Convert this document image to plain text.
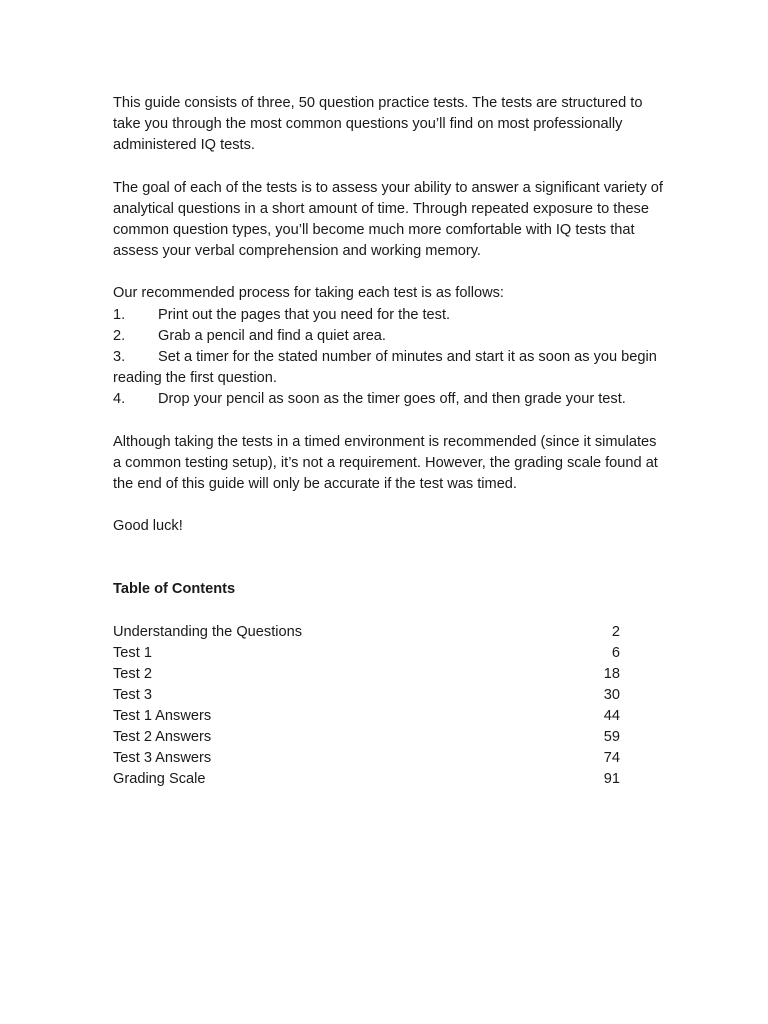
This guide consists of three, 50 question practice tests. The tests are structured to take you through the most common questions you’ll find on most professionally administered IQ tests.

The goal of each of the tests is to assess your ability to answer a significant variety of analytical questions in a short amount of time. Through repeated exposure to these common question types, you’ll become much more comfortable with IQ tests that assess your verbal comprehension and working memory.

Our recommended process for taking each test is as follows:

1.	Print out the pages that you need for the test.
2.	Grab a pencil and find a quiet area.
3. Set a timer for the stated number of minutes and start it as soon as you begin reading the first question.
4.	Drop your pencil as soon as the timer goes off, and then grade your test.

Although taking the tests in a timed environment is recommended (since it simulates a common testing setup), it’s not a requirement. However, the grading scale found at the end of this guide will only be accurate if the test was timed.

Good luck!

Table of Contents
Understanding the Questions	2
Test 1	6
Test 2	18
Test 3	30
Test 1 Answers	44
Test 2 Answers	59
Test 3 Answers	74
Grading Scale	91
